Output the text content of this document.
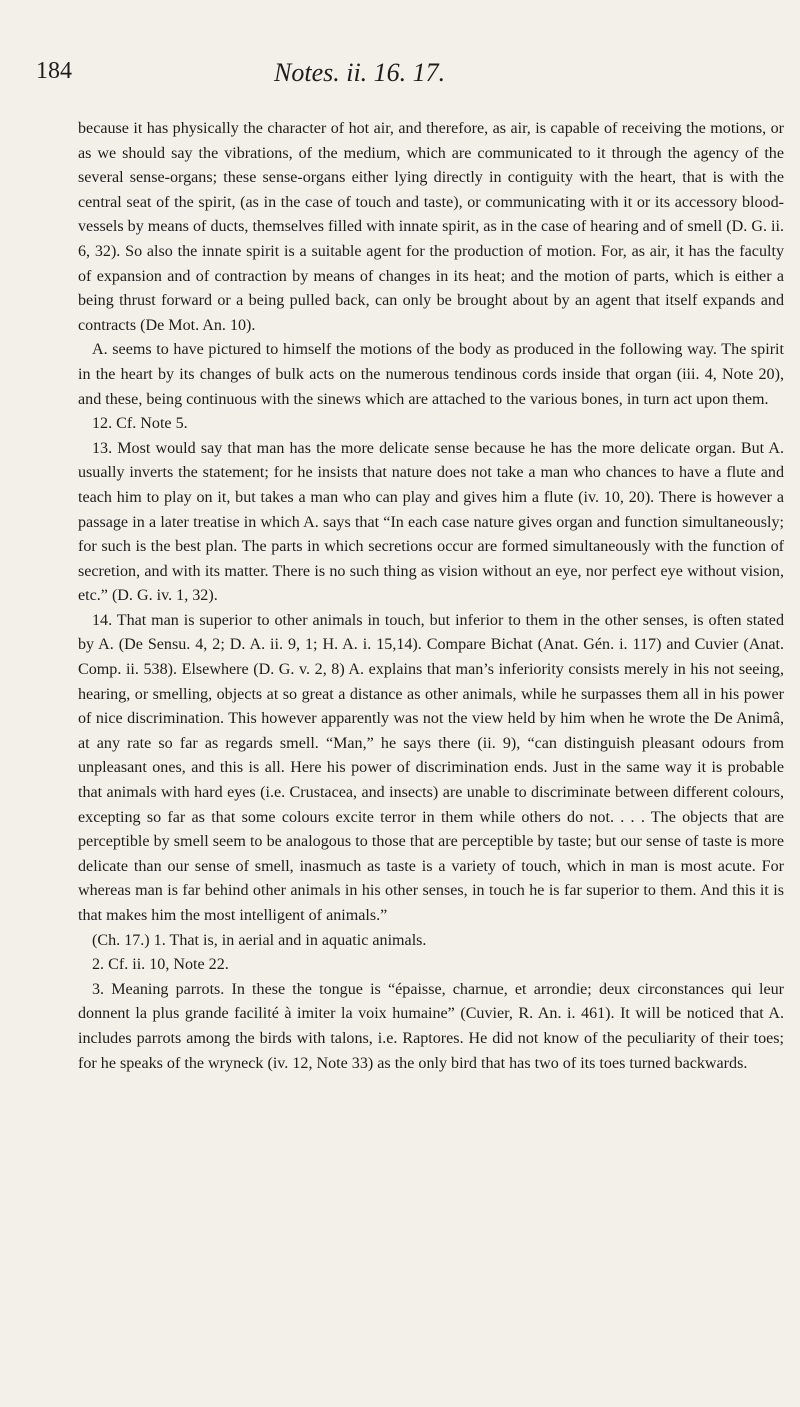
184	Notes. ii. 16. 17.

because it has physically the character of hot air, and therefore, as air, is capable of receiving the motions, or as we should say the vibrations, of the medium, which are communicated to it through the agency of the several sense-organs; these sense-organs either lying directly in contiguity with the heart, that is with the central seat of the spirit, (as in the case of touch and taste), or communicating with it or its accessory blood-vessels by means of ducts, themselves filled with innate spirit, as in the case of hearing and of smell (D. G. ii. 6, 32). So also the innate spirit is a suitable agent for the production of motion. For, as air, it has the faculty of expansion and of contraction by means of changes in its heat; and the motion of parts, which is either a being thrust forward or a being pulled back, can only be brought about by an agent that itself expands and contracts (De Mot. An. 10).

A. seems to have pictured to himself the motions of the body as produced in the following way. The spirit in the heart by its changes of bulk acts on the numerous tendinous cords inside that organ (iii. 4, Note 20), and these, being continuous with the sinews which are attached to the various bones, in turn act upon them.

12. Cf. Note 5.

13. Most would say that man has the more delicate sense because he has the more delicate organ. But A. usually inverts the statement; for he insists that nature does not take a man who chances to have a flute and teach him to play on it, but takes a man who can play and gives him a flute (iv. 10, 20). There is however a passage in a later treatise in which A. says that “In each case nature gives organ and function simultaneously; for such is the best plan. The parts in which secretions occur are formed simultaneously with the function of secretion, and with its matter. There is no such thing as vision without an eye, nor perfect eye without vision, etc.” (D. G. iv. 1, 32).

14. That man is superior to other animals in touch, but inferior to them in the other senses, is often stated by A. (De Sensu. 4, 2; D. A. ii. 9, 1; H. A. i. 15,14). Compare Bichat (Anat. Gén. i. 117) and Cuvier (Anat. Comp. ii. 538). Elsewhere (D. G. v. 2, 8) A. explains that man’s inferiority consists merely in his not seeing, hearing, or smelling, objects at so great a distance as other animals, while he surpasses them all in his power of nice discrimination. This however apparently was not the view held by him when he wrote the De Animâ, at any rate so far as regards smell. “Man,” he says there (ii. 9), “can distinguish pleasant odours from unpleasant ones, and this is all. Here his power of discrimination ends. Just in the same way it is probable that animals with hard eyes (i.e. Crustacea, and insects) are unable to discriminate between different colours, excepting so far as that some colours excite terror in them while others do not. . . . The objects that are perceptible by smell seem to be analogous to those that are perceptible by taste; but our sense of taste is more delicate than our sense of smell, inasmuch as taste is a variety of touch, which in man is most acute. For whereas man is far behind other animals in his other senses, in touch he is far superior to them. And this it is that makes him the most intelligent of animals.”

(Ch. 17.) 1. That is, in aerial and in aquatic animals.

2. Cf. ii. 10, Note 22.

3. Meaning parrots. In these the tongue is “épaisse, charnue, et arrondie; deux circonstances qui leur donnent la plus grande facilité à imiter la voix humaine” (Cuvier, R. An. i. 461). It will be noticed that A. includes parrots among the birds with talons, i.e. Raptores. He did not know of the peculiarity of their toes; for he speaks of the wryneck (iv. 12, Note 33) as the only bird that has two of its toes turned backwards.
